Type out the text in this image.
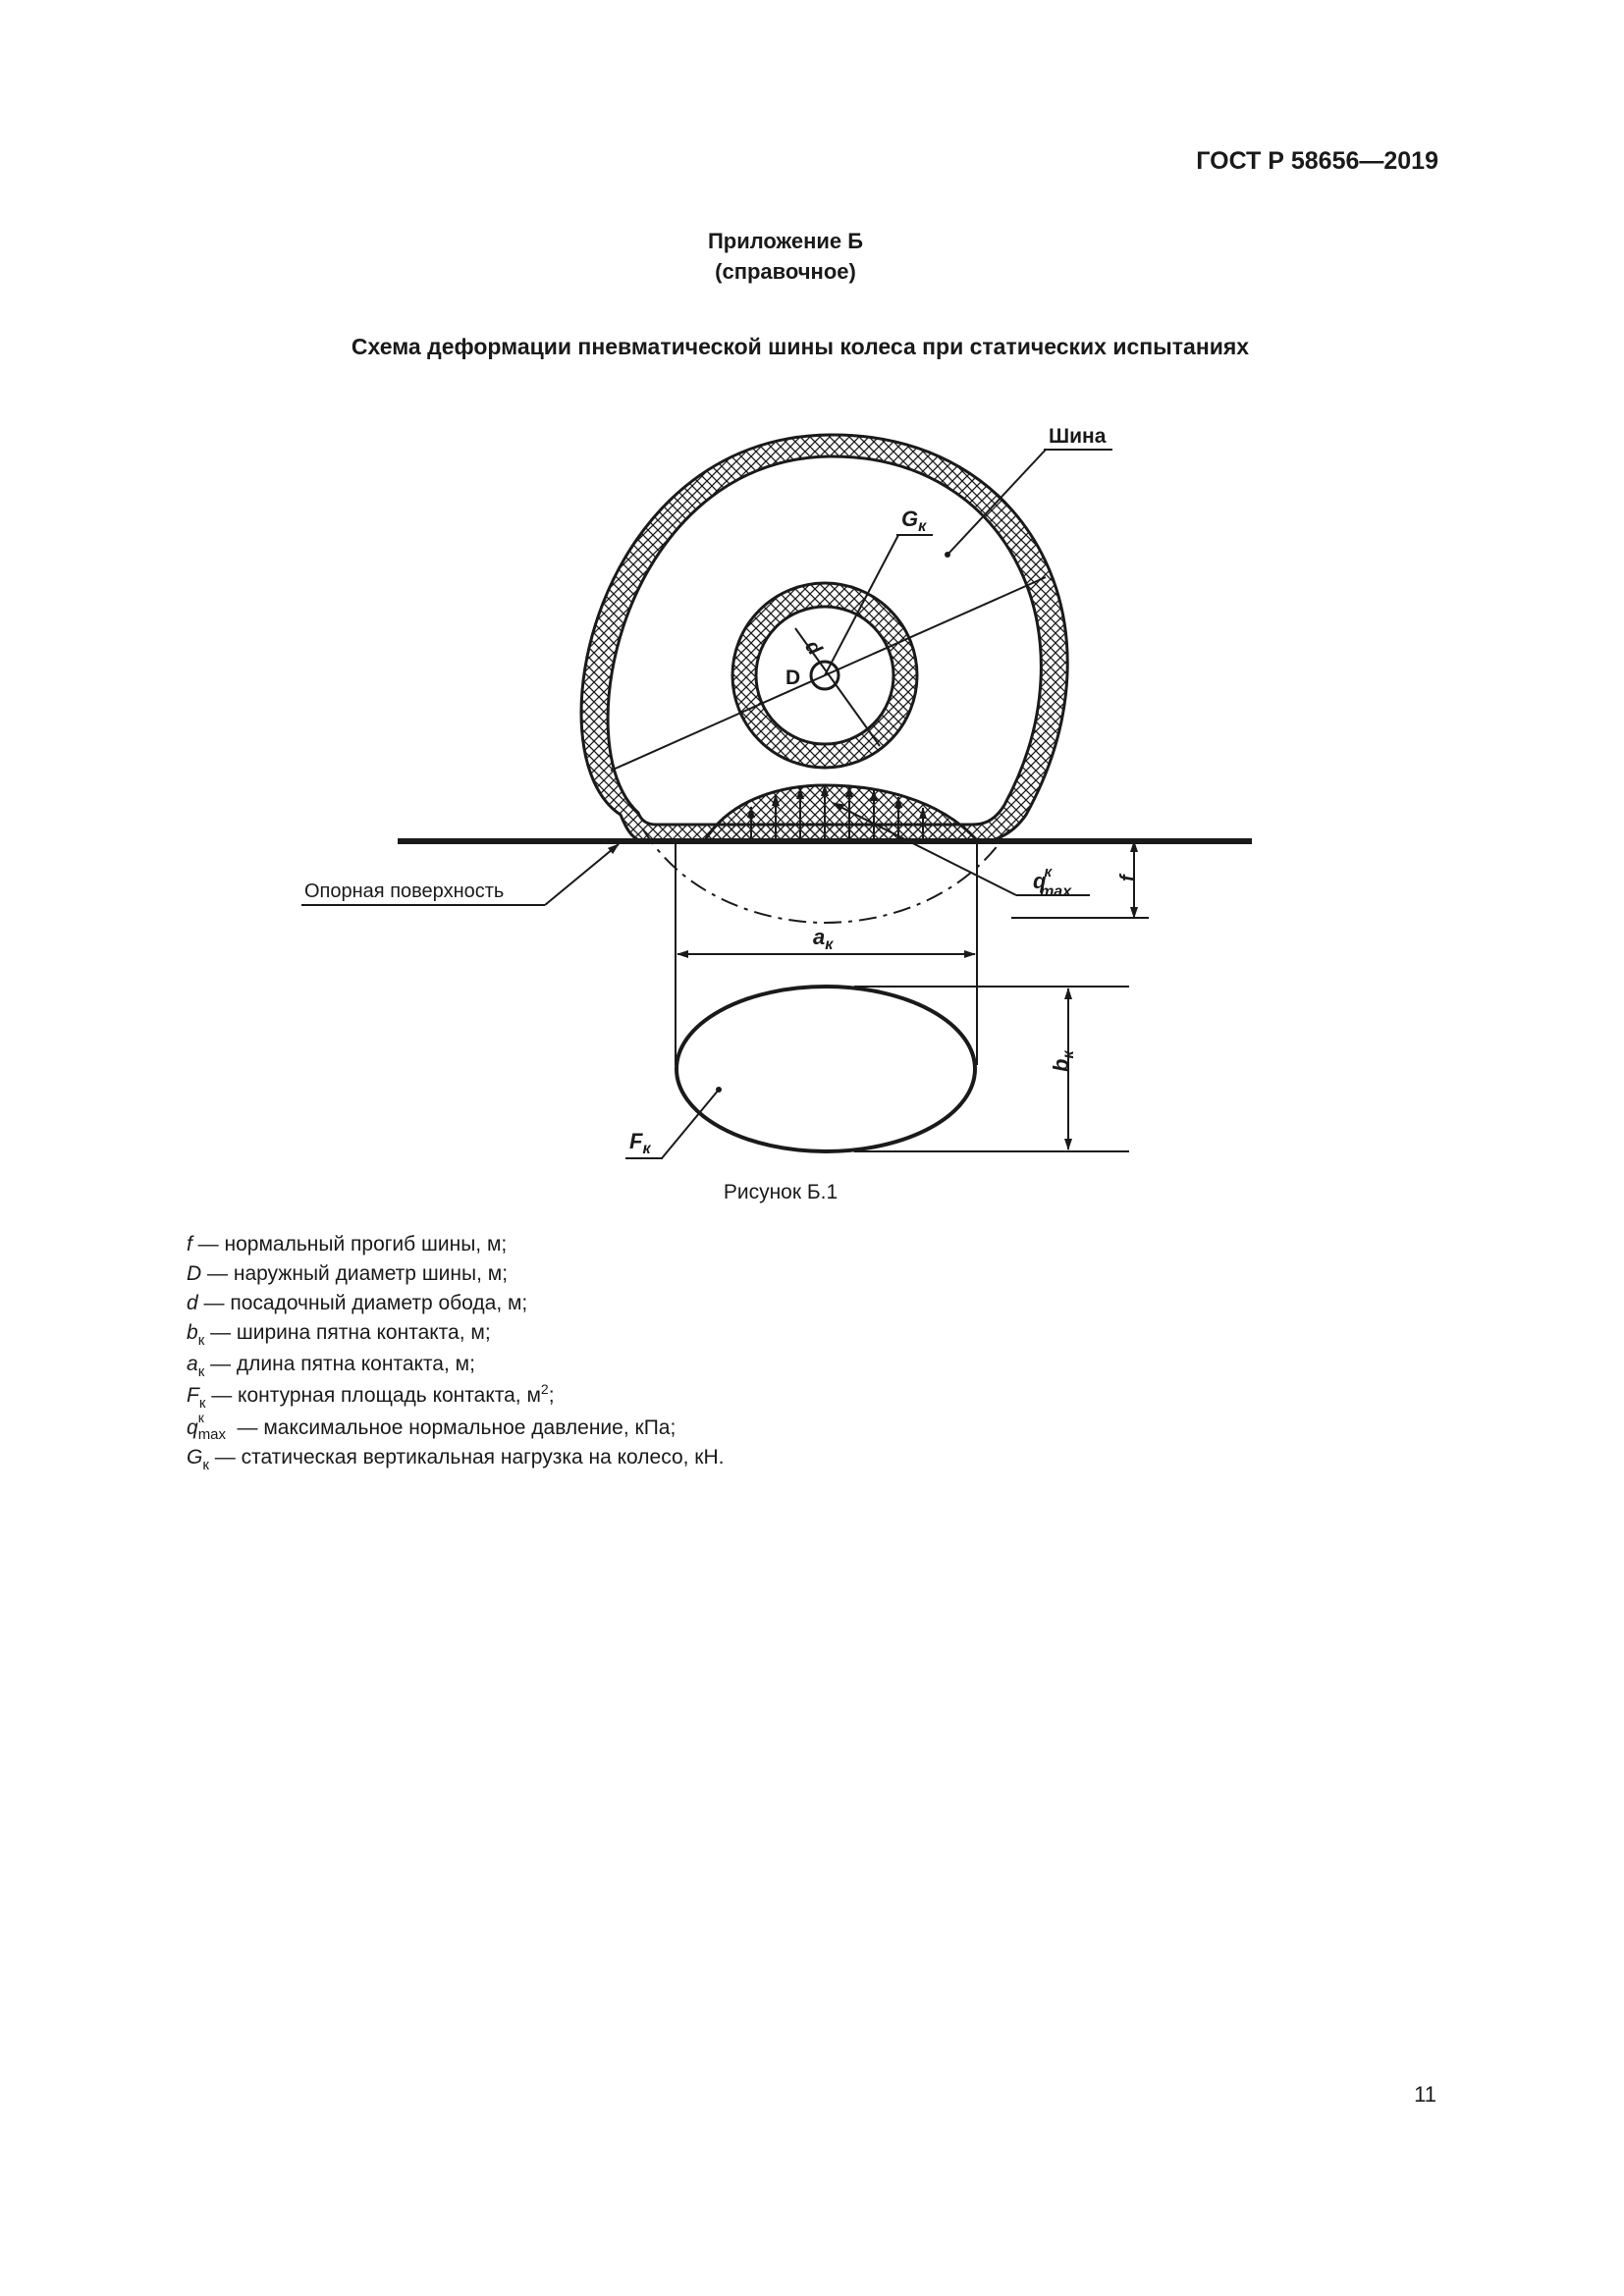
ГОСТ Р 58656—2019
Приложение Б
(справочное)
Схема деформации пневматической шины колеса при статических испытаниях
$G_к$
Шина
D
d
Опорная поверхность	qк max
f
$a_к$
$F_к$
$b_к$
Рисунок Б.1
f — нормальный прогиб шины, м;
D — наружный диаметр шины, м;
d — посадочный диаметр обода, м;
$b_к$ — ширина пятна контакта, м;
$a_к$ — длина пятна контакта, м;
$F_к$ — контурная площадь контакта, $м^2$;
q к
max — максимальное нормальное давление, кПа;
$G_к$ — статическая вертикальная нагрузка на колесо, кН.
11
